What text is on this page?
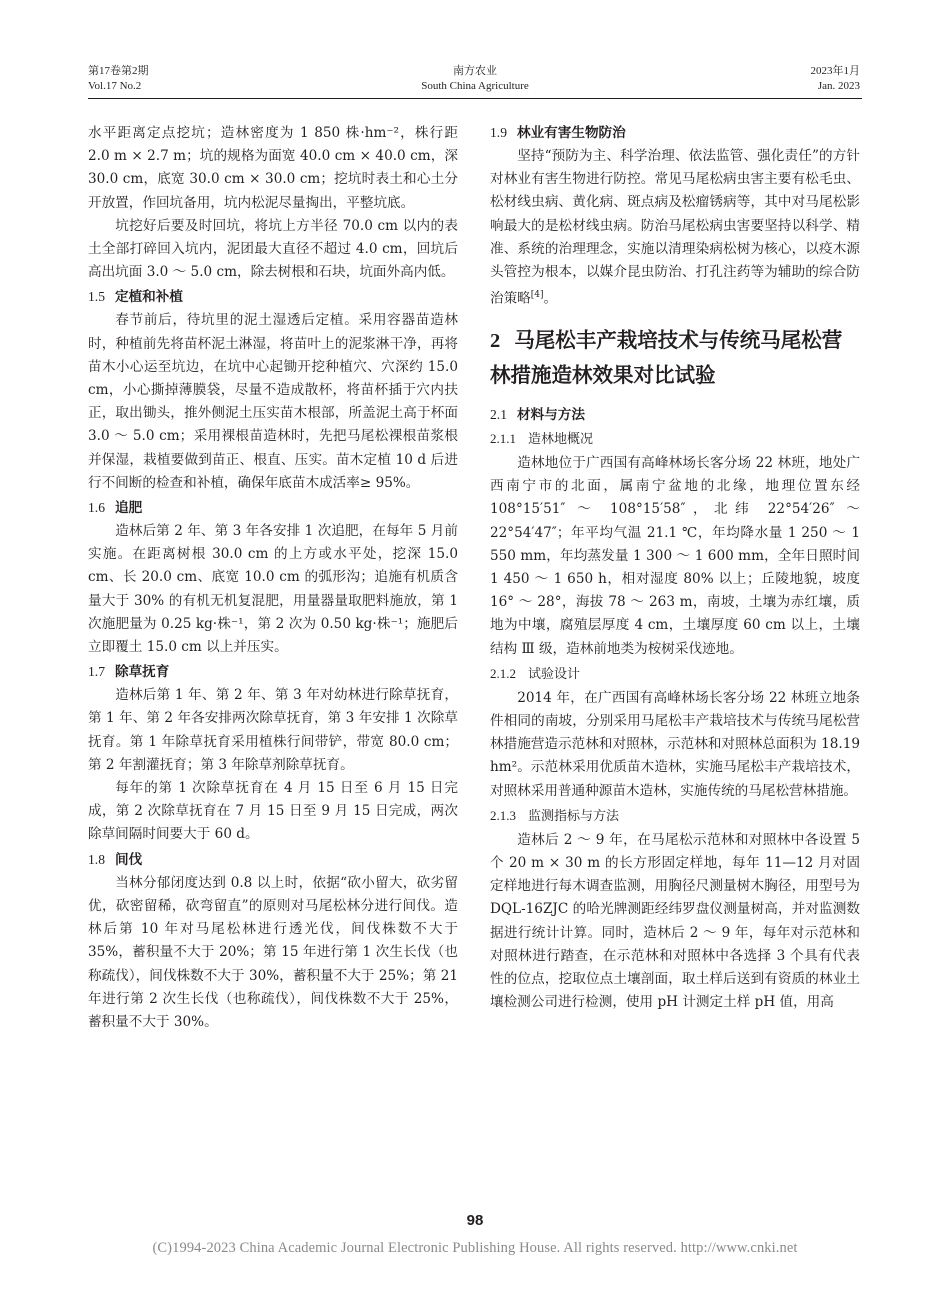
第17卷第2期
Vol.17 No.2
南方农业
South China Agriculture
2023年1月
Jan. 2023

水平距离定点挖坑；造林密度为 1 850 株·hm⁻²，株行距 2.0 m × 2.7 m；坑的规格为面宽 40.0 cm × 40.0 cm，深 30.0 cm，底宽 30.0 cm × 30.0 cm；挖坑时表土和心土分开放置，作回坑备用，坑内松泥尽量掏出，平整坑底。

坑挖好后要及时回坑，将坑上方半径 70.0 cm 以内的表土全部打碎回入坑内，泥团最大直径不超过 4.0 cm，回坑后高出坑面 3.0 ～ 5.0 cm，除去树根和石块，坑面外高内低。

1.5 定植和补植

春节前后，待坑里的泥土湿透后定植。采用容器苗造林时，种植前先将苗杯泥土淋湿，将苗叶上的泥浆淋干净，再将苗木小心运至坑边，在坑中心起锄开挖种植穴、穴深约 15.0 cm，小心撕掉薄膜袋，尽量不造成散杯，将苗杯插于穴内扶正，取出锄头，推外侧泥土压实苗木根部，所盖泥土高于杯面 3.0 ～ 5.0 cm；采用裸根苗造林时，先把马尾松裸根苗浆根并保湿，栽植要做到苗正、根直、压实。苗木定植 10 d 后进行不间断的检查和补植，确保年底苗木成活率≥ 95%。

1.6 追肥

造林后第 2 年、第 3 年各安排 1 次追肥，在每年 5 月前实施。在距离树根 30.0 cm 的上方或水平处，挖深 15.0 cm、长 20.0 cm、底宽 10.0 cm 的弧形沟；追施有机质含量大于 30% 的有机无机复混肥，用量器量取肥料施放，第 1 次施肥量为 0.25 kg·株⁻¹，第 2 次为 0.50 kg·株⁻¹；施肥后立即覆土 15.0 cm 以上并压实。

1.7 除草抚育

造林后第 1 年、第 2 年、第 3 年对幼林进行除草抚育，第 1 年、第 2 年各安排两次除草抚育，第 3 年安排 1 次除草抚育。第 1 年除草抚育采用植株行间带铲，带宽 80.0 cm；第 2 年割灌抚育；第 3 年除草剂除草抚育。

每年的第 1 次除草抚育在 4 月 15 日至 6 月 15 日完成，第 2 次除草抚育在 7 月 15 日至 9 月 15 日完成，两次除草间隔时间要大于 60 d。

1.8 间伐

当林分郁闭度达到 0.8 以上时，依据“砍小留大，砍劣留优，砍密留稀，砍弯留直”的原则对马尾松林分进行间伐。造林后第 10 年对马尾松林进行透光伐，间伐株数不大于 35%，蓄积量不大于 20%；第 15 年进行第 1 次生长伐（也称疏伐），间伐株数不大于 30%，蓄积量不大于 25%；第 21 年进行第 2 次生长伐（也称疏伐），间伐株数不大于 25%，蓄积量不大于 30%。

1.9 林业有害生物防治

坚持“预防为主、科学治理、依法监管、强化责任”的方针对林业有害生物进行防控。常见马尾松病虫害主要有松毛虫、松材线虫病、黄化病、斑点病及松瘤锈病等，其中对马尾松影响最大的是松材线虫病。防治马尾松病虫害要坚持以科学、精准、系统的治理理念，实施以清理染病松树为核心，以疫木源头管控为根本，以媒介昆虫防治、打孔注药等为辅助的综合防治策略[4]。

2 马尾松丰产栽培技术与传统马尾松营林措施造林效果对比试验
2.1 材料与方法
2.1.1 造林地概况

造林地位于广西国有高峰林场长客分场 22 林班，地处广西南宁市的北面，属南宁盆地的北缘，地理位置东经 108°15′51″ ～ 108°15′58″，北纬 22°54′26″ ～ 22°54′47″；年平均气温 21.1 ℃，年均降水量 1 250 ～ 1 550 mm，年均蒸发量 1 300 ～ 1 600 mm，全年日照时间 1 450 ～ 1 650 h，相对湿度 80% 以上；丘陵地貌，坡度 16° ～ 28°，海拔 78 ～ 263 m，南坡，土壤为赤红壤，质地为中壤，腐殖层厚度 4 cm，土壤厚度 60 cm 以上，土壤结构 Ⅲ 级，造林前地类为桉树采伐迹地。

2.1.2 试验设计

2014 年，在广西国有高峰林场长客分场 22 林班立地条件相同的南坡，分别采用马尾松丰产栽培技术与传统马尾松营林措施营造示范林和对照林，示范林和对照林总面积为 18.19 hm²。示范林采用优质苗木造林，实施马尾松丰产栽培技术，对照林采用普通种源苗木造林，实施传统的马尾松营林措施。

2.1.3 监测指标与方法

造林后 2 ～ 9 年，在马尾松示范林和对照林中各设置 5 个 20 m × 30 m 的长方形固定样地，每年 11—12 月对固定样地进行每木调查监测，用胸径尺测量树木胸径，用型号为 DQL-16ZJC 的哈光牌测距经纬罗盘仪测量树高，并对监测数据进行统计计算。同时，造林后 2 ～ 9 年，每年对示范林和对照林进行踏查，在示范林和对照林中各选择 3 个具有代表性的位点，挖取位点土壤剖面，取土样后送到有资质的林业土壤检测公司进行检测，使用 pH 计测定土样 pH 值，用高

98
(C)1994-2023 China Academic Journal Electronic Publishing House. All rights reserved. http://www.cnki.net
